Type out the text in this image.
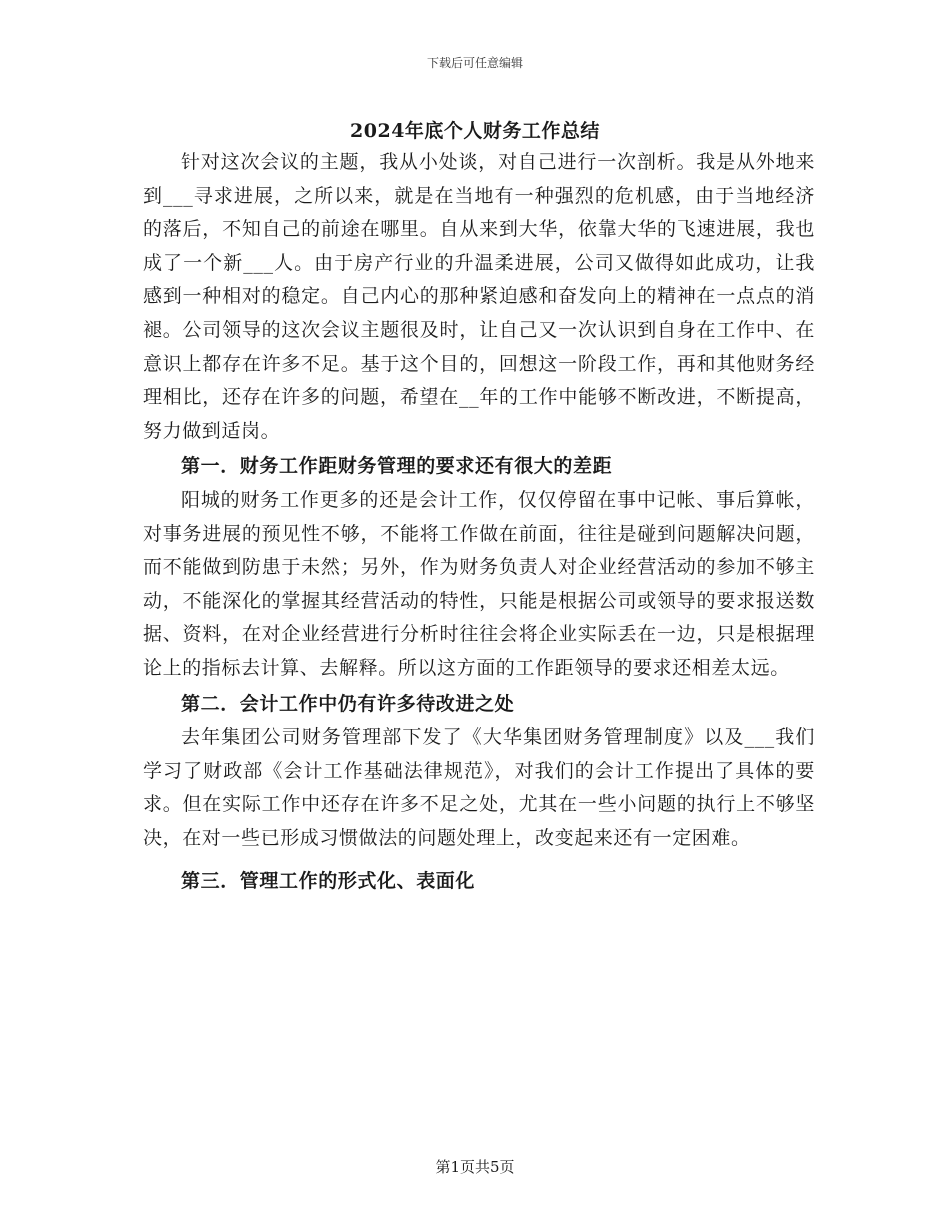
下载后可任意编辑
2024年底个人财务工作总结

针对这次会议的主题，我从小处谈，对自己进行一次剖析。我是从外地来到___寻求进展，之所以来，就是在当地有一种强烈的危机感，由于当地经济的落后，不知自己的前途在哪里。自从来到大华，依靠大华的飞速进展，我也成了一个新___人。由于房产行业的升温柔进展，公司又做得如此成功，让我感到一种相对的稳定。自己内心的那种紧迫感和奋发向上的精神在一点点的消褪。公司领导的这次会议主题很及时，让自己又一次认识到自身在工作中、在意识上都存在许多不足。基于这个目的，回想这一阶段工作，再和其他财务经理相比，还存在许多的问题，希望在__年的工作中能够不断改进，不断提高，努力做到适岗。

第一．财务工作距财务管理的要求还有很大的差距

阳城的财务工作更多的还是会计工作，仅仅停留在事中记帐、事后算帐，对事务进展的预见性不够，不能将工作做在前面，往往是碰到问题解决问题，而不能做到防患于未然；另外，作为财务负责人对企业经营活动的参加不够主动，不能深化的掌握其经营活动的特性，只能是根据公司或领导的要求报送数据、资料，在对企业经营进行分析时往往会将企业实际丢在一边，只是根据理论上的指标去计算、去解释。所以这方面的工作距领导的要求还相差太远。

第二．会计工作中仍有许多待改进之处

去年集团公司财务管理部下发了《大华集团财务管理制度》以及___我们学习了财政部《会计工作基础法律规范》，对我们的会计工作提出了具体的要求。但在实际工作中还存在许多不足之处，尤其在一些小问题的执行上不够坚决，在对一些已形成习惯做法的问题处理上，改变起来还有一定困难。

第三．管理工作的形式化、表面化

第1页共5页
